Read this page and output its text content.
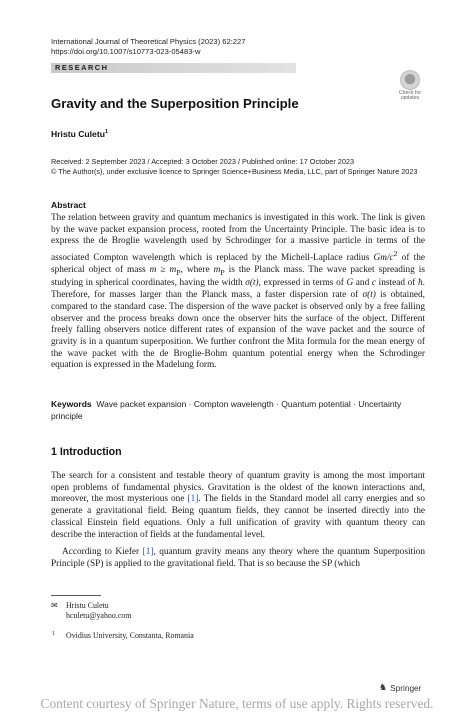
International Journal of Theoretical Physics (2023) 62:227
https://doi.org/10.1007/s10773-023-05483-w
RESEARCH
Check for
updates
Gravity and the Superposition Principle
Hristu Culetu$^1$
Received: 2 September 2023 / Accepted: 3 October 2023 / Published online: 17 October 2023
© The Author(s), under exclusive licence to Springer Science+Business Media, LLC, part of Springer Nature 2023
Abstract
The relation between gravity and quantum mechanics is investigated in this work. The link is given by the wave packet expansion process, rooted from the Uncertainty Principle. The basic idea is to express the de Broglie wavelength used by Schrodinger for a massive particle in terms of the associated Compton wavelength which is replaced by the Michell-Laplace radius $Gm/c^2$ of the spherical object of mass $m \ge m_P$, where $m_P$ is the Planck mass. The wave packet spreading is studying in spherical coordinates, having the width σ(t), expressed in terms of G and c instead of ħ. Therefore, for masses larger than the Planck mass, a faster dispersion rate of σ(t) is obtained, compared to the standard case. The dispersion of the wave packet is observed only by a free falling observer and the process breaks down once the observer hits the surface of the object. Different freely falling observers notice different rates of expansion of the wave packet and the source of gravity is in a quantum superposition. We further confront the Mita formula for the mean energy of the wave packet with the de Broglie-Bohm quantum potential energy when the Schrodinger equation is expressed in the Madelung form.
Keywords Wave packet expansion · Compton wavelength · Quantum potential · Uncertainty principle
1 Introduction
The search for a consistent and testable theory of quantum gravity is among the most important open problems of fundamental physics. Gravitation is the oldest of the known interactions and, moreover, the most mysterious one [1]. The fields in the Standard model all carry energies and so generate a gravitational field. Being quantum fields, they cannot be inserted directly into the classical Einstein field equations. Only a full unification of gravity with quantum theory can describe the interaction of fields at the fundamental level.
According to Kiefer [1], quantum gravity means any theory where the quantum Superposition Principle (SP) is applied to the gravitational field. That is so because the SP (which
✉ Hristu Culetu
hculetu@yahoo.com
1 Ovidius University, Constanta, Romania
♞ Springer
Content courtesy of Springer Nature, terms of use apply. Rights reserved.
